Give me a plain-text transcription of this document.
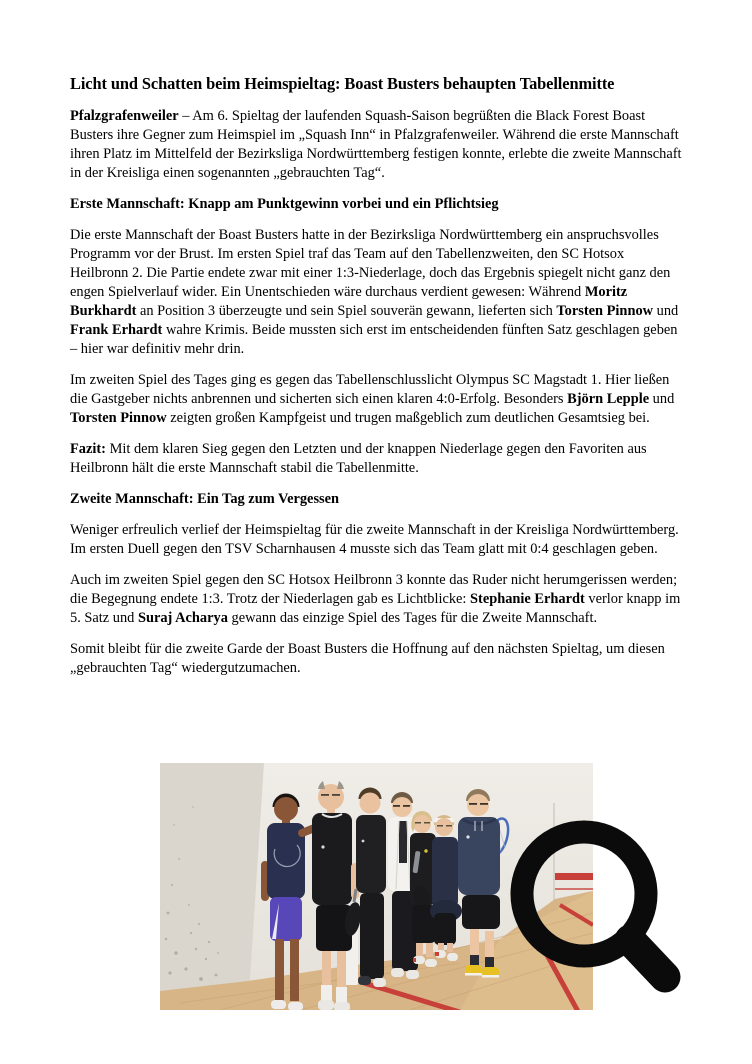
Licht und Schatten beim Heimspieltag: Boast Busters behaupten Tabellenmitte

Pfalzgrafenweiler – Am 6. Spieltag der laufenden Squash-Saison begrüßten die Black Forest Boast Busters ihre Gegner zum Heimspiel im „Squash Inn“ in Pfalzgrafenweiler. Während die erste Mannschaft ihren Platz im Mittelfeld der Bezirksliga Nordwürttemberg festigen konnte, erlebte die zweite Mannschaft in der Kreisliga einen sogenannten „gebrauchten Tag“.

Erste Mannschaft: Knapp am Punktgewinn vorbei und ein Pflichtsieg

Die erste Mannschaft der Boast Busters hatte in der Bezirksliga Nordwürttemberg ein anspruchsvolles Programm vor der Brust. Im ersten Spiel traf das Team auf den Tabellenzweiten, den SC Hotsox Heilbronn 2. Die Partie endete zwar mit einer 1:3-Niederlage, doch das Ergebnis spiegelt nicht ganz den engen Spielverlauf wider. Ein Unentschieden wäre durchaus verdient gewesen: Während Moritz Burkhardt an Position 3 überzeugte und sein Spiel souverän gewann, lieferten sich Torsten Pinnow und Frank Erhardt wahre Krimis. Beide mussten sich erst im entscheidenden fünften Satz geschlagen geben – hier war definitiv mehr drin.

Im zweiten Spiel des Tages ging es gegen das Tabellenschlusslicht Olympus SC Magstadt 1. Hier ließen die Gastgeber nichts anbrennen und sicherten sich einen klaren 4:0-Erfolg. Besonders Björn Lepple und Torsten Pinnow zeigten großen Kampfgeist und trugen maßgeblich zum deutlichen Gesamtsieg bei.

Fazit: Mit dem klaren Sieg gegen den Letzten und der knappen Niederlage gegen den Favoriten aus Heilbronn hält die erste Mannschaft stabil die Tabellenmitte.

Zweite Mannschaft: Ein Tag zum Vergessen

Weniger erfreulich verlief der Heimspieltag für die zweite Mannschaft in der Kreisliga Nordwürttemberg. Im ersten Duell gegen den TSV Scharnhausen 4 musste sich das Team glatt mit 0:4 geschlagen geben.

Auch im zweiten Spiel gegen den SC Hotsox Heilbronn 3 konnte das Ruder nicht herumgerissen werden; die Begegnung endete 1:3. Trotz der Niederlagen gab es Lichtblicke: Stephanie Erhardt verlor knapp im 5. Satz und Suraj Acharya gewann das einzige Spiel des Tages für die Zweite Mannschaft.

Somit bleibt für die zweite Garde der Boast Busters die Hoffnung auf den nächsten Spieltag, um diesen „gebrauchten Tag“ wiedergutzumachen.
